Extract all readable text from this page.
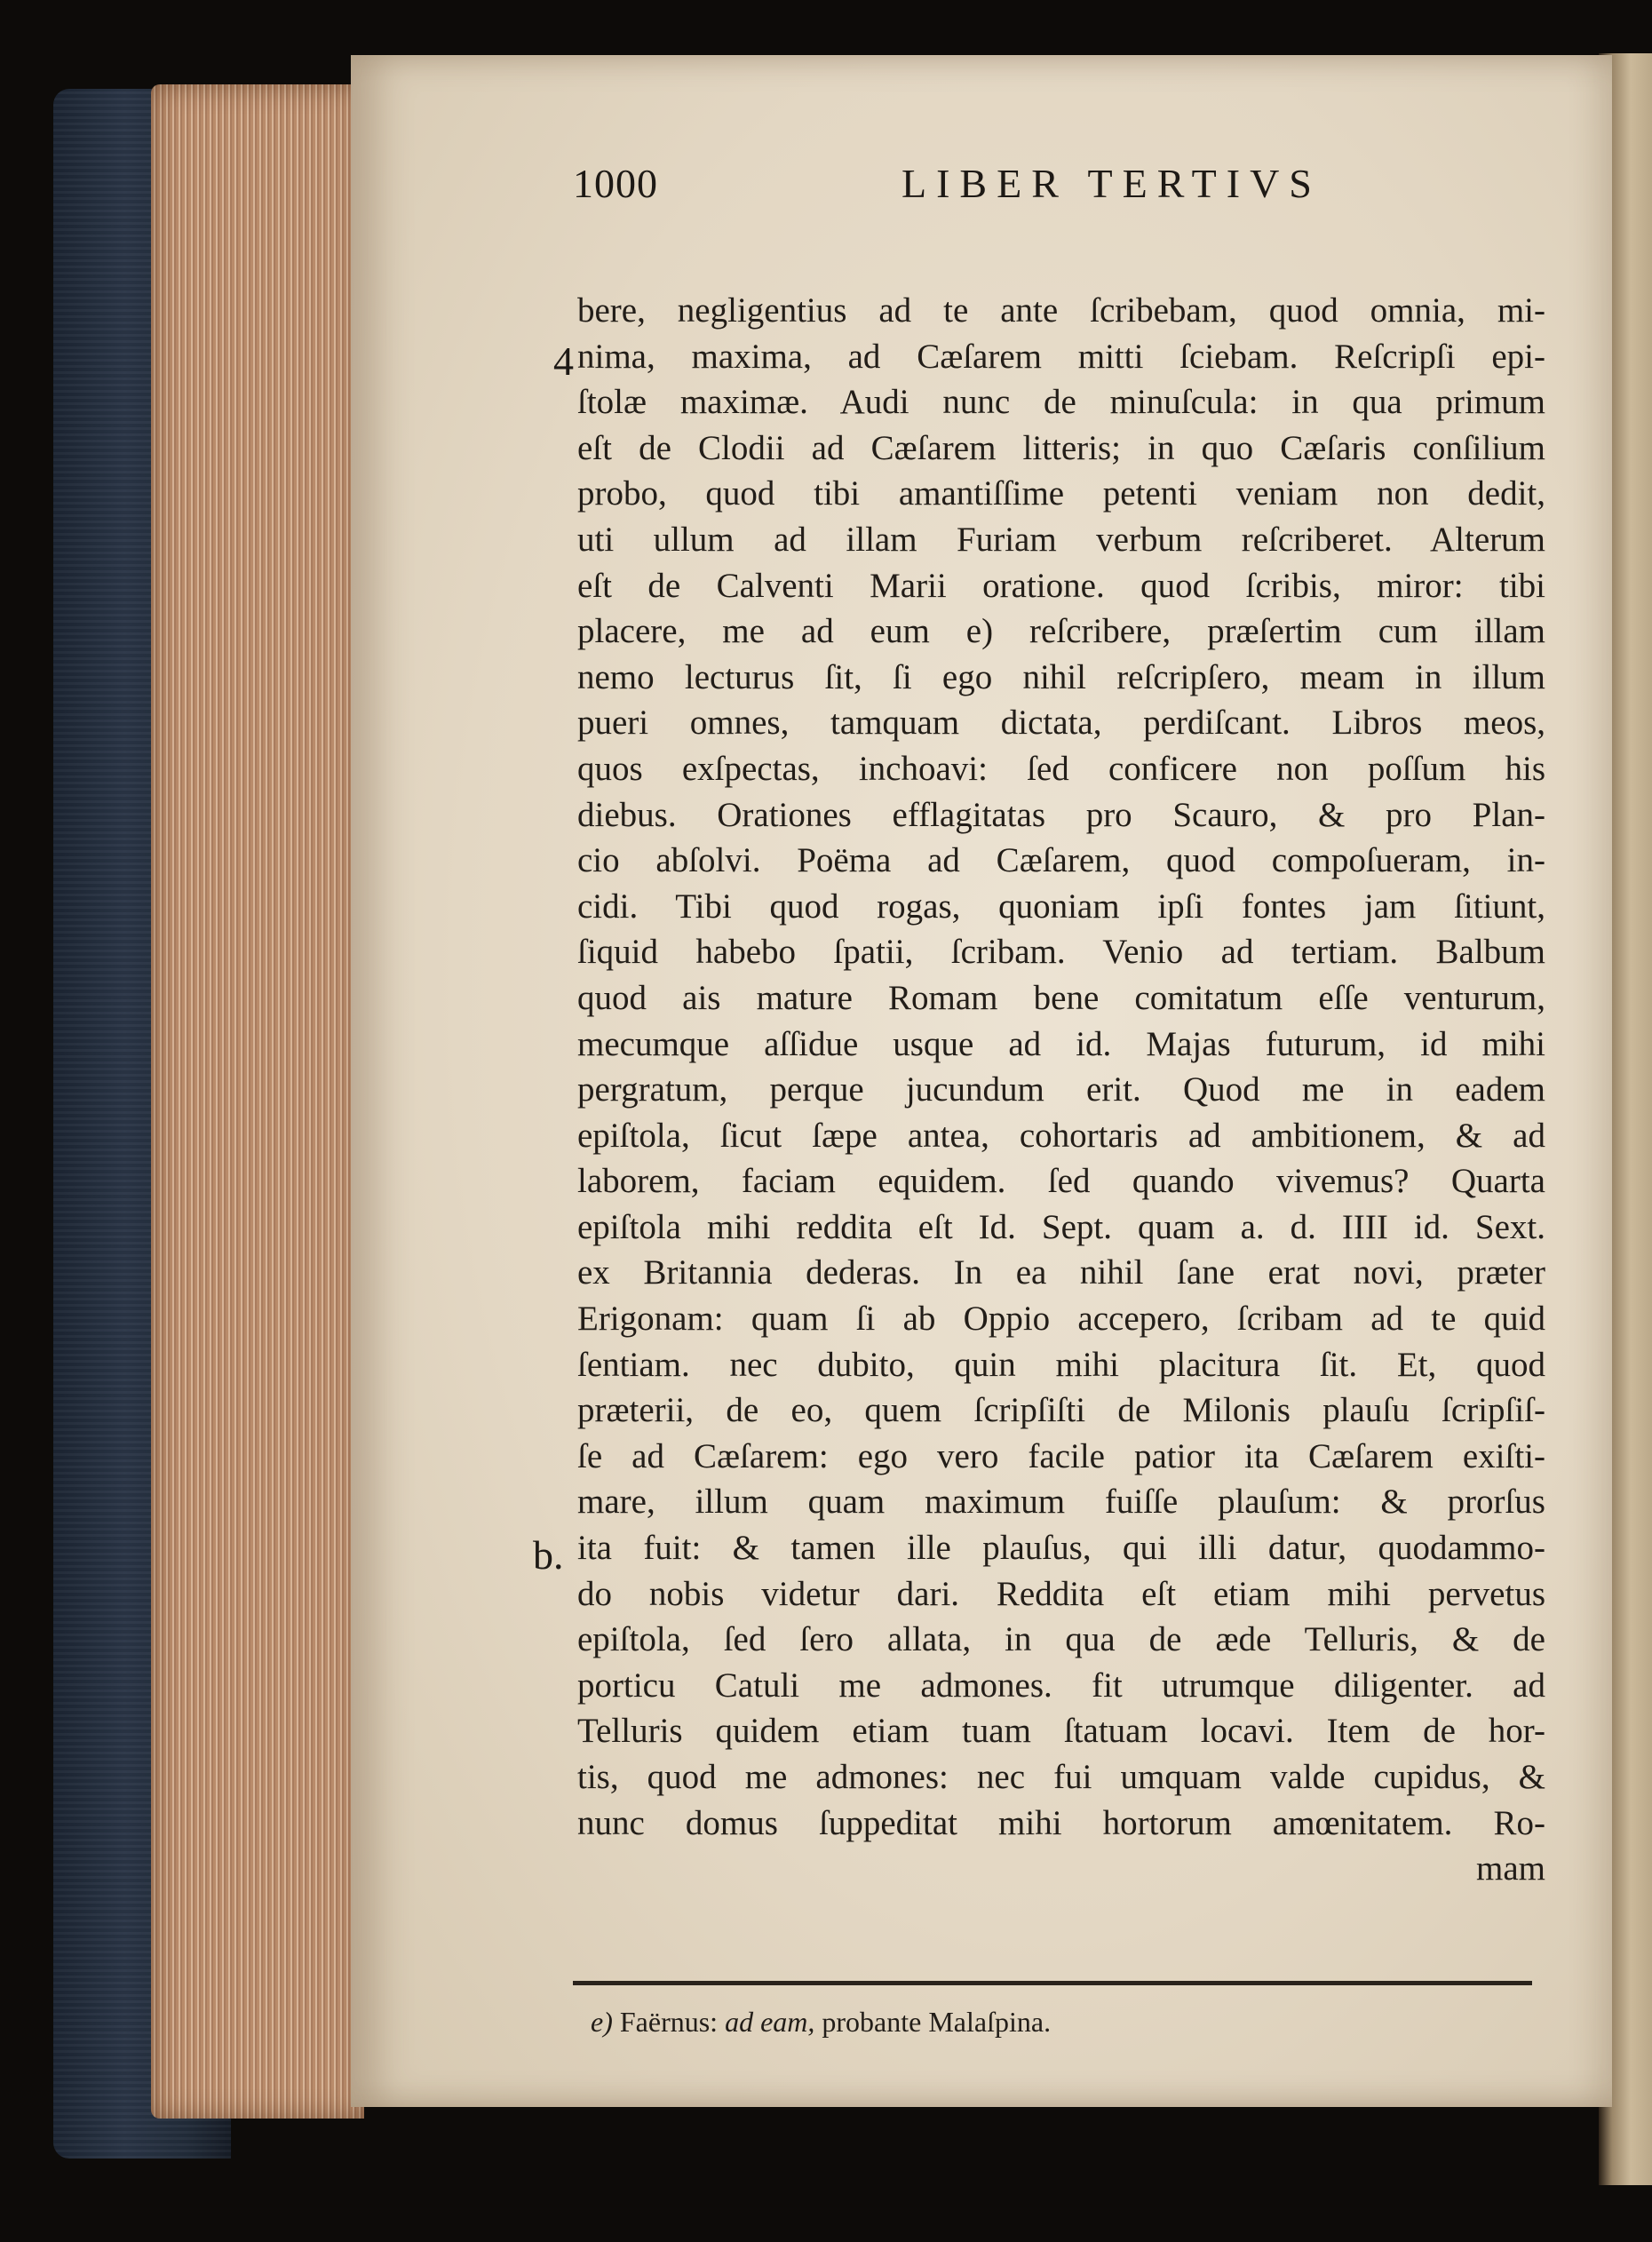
1000	LIBER TERTIVS
4
b.
bere, negligentius ad te ante ſcribebam, quod omnia, mi-
nima, maxima, ad Cæſarem mitti ſciebam. Reſcripſi epi-
ſtolæ maximæ. Audi nunc de minuſcula: in qua primum
eſt de Clodii ad Cæſarem litteris; in quo Cæſaris conſilium
probo, quod tibi amantiſſime petenti veniam non dedit,
uti ullum ad illam Furiam verbum reſcriberet. Alterum
eſt de Calventi Marii oratione. quod ſcribis, miror: tibi
placere, me ad eum e) reſcribere, præſertim cum illam
nemo lecturus ſit, ſi ego nihil reſcripſero, meam in illum
pueri omnes, tamquam dictata, perdiſcant. Libros meos,
quos exſpectas, inchoavi: ſed conficere non poſſum his
diebus. Orationes efflagitatas pro Scauro, & pro Plan-
cio abſolvi. Poëma ad Cæſarem, quod compoſueram, in-
cidi. Tibi quod rogas, quoniam ipſi fontes jam ſitiunt,
ſiquid habebo ſpatii, ſcribam. Venio ad tertiam. Balbum
quod ais mature Romam bene comitatum eſſe venturum,
mecumque aſſidue usque ad id. Majas futurum, id mihi
pergratum, perque jucundum erit. Quod me in eadem
epiſtola, ſicut ſæpe antea, cohortaris ad ambitionem, & ad
laborem, faciam equidem. ſed quando vivemus? Quarta
epiſtola mihi reddita eſt Id. Sept. quam a. d. IIII id. Sext.
ex Britannia dederas. In ea nihil ſane erat novi, præter
Erigonam: quam ſi ab Oppio accepero, ſcribam ad te quid
ſentiam. nec dubito, quin mihi placitura ſit. Et, quod
præterii, de eo, quem ſcripſiſti de Milonis plauſu ſcripſiſ-
ſe ad Cæſarem: ego vero facile patior ita Cæſarem exiſti-
mare, illum quam maximum fuiſſe plauſum: & prorſus
ita fuit: & tamen ille plauſus, qui illi datur, quodammo-
do nobis videtur dari. Reddita eſt etiam mihi pervetus
epiſtola, ſed ſero allata, in qua de æde Telluris, & de
porticu Catuli me admones. fit utrumque diligenter. ad
Telluris quidem etiam tuam ſtatuam locavi. Item de hor-
tis, quod me admones: nec fui umquam valde cupidus, &
nunc domus ſuppeditat mihi hortorum amœnitatem. Ro-
mam
e) Faërnus: ad eam, probante Malaſpina.
